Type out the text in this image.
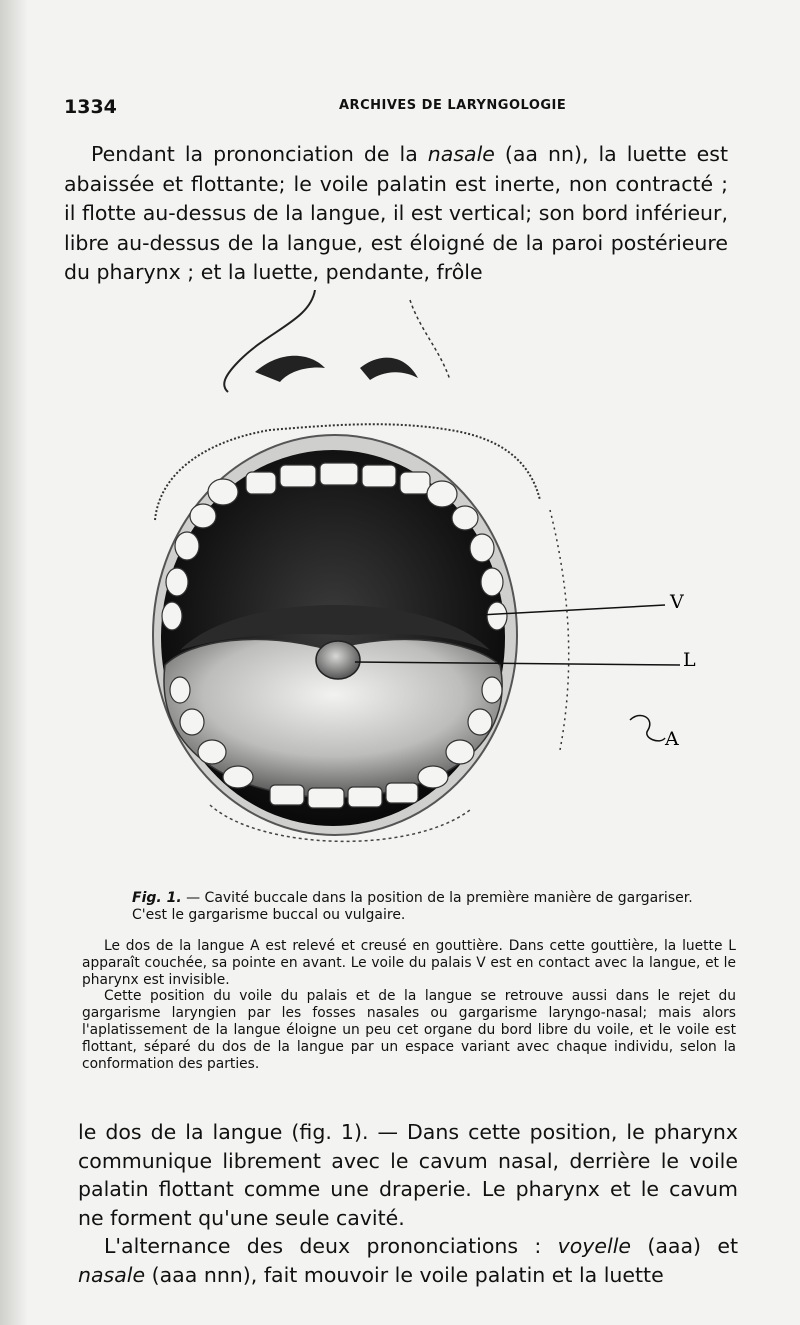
1334	ARCHIVES DE LARYNGOLOGIE
Pendant la prononciation de la nasale (aa nn), la luette est abaissée et flottante; le voile palatin est inerte, non contracté ; il flotte au-dessus de la langue, il est vertical; son bord inférieur, libre au-dessus de la langue, est éloigné de la paroi postérieure du pharynx ; et la luette, pendante, frôle
V
L
A
Fig. 1. — Cavité buccale dans la position de la première manière de gargariser. C'est le gargarisme buccal ou vulgaire.

Le dos de la langue A est relevé et creusé en gouttière. Dans cette gouttière, la luette L apparaît couchée, sa pointe en avant. Le voile du palais V est en contact avec la langue, et le pharynx est invisible.

Cette position du voile du palais et de la langue se retrouve aussi dans le rejet du gargarisme laryngien par les fosses nasales ou gargarisme laryngo-nasal; mais alors l'aplatissement de la langue éloigne un peu cet organe du bord libre du voile, et le voile est flottant, séparé du dos de la langue par un espace variant avec chaque individu, selon la conformation des parties.

le dos de la langue (fig. 1). — Dans cette position, le pharynx communique librement avec le cavum nasal, derrière le voile palatin flottant comme une draperie. Le pharynx et le cavum ne forment qu'une seule cavité.

L'alternance des deux prononciations : voyelle (aaa) et nasale (aaa nnn), fait mouvoir le voile palatin et la luette
